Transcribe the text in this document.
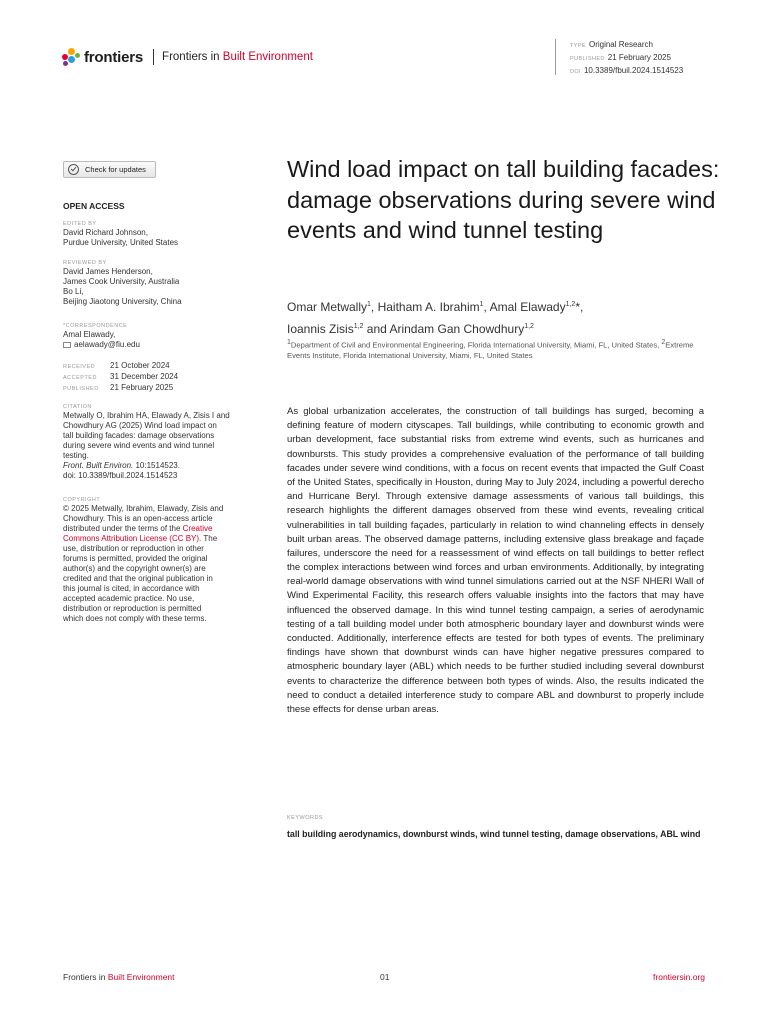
frontiers Frontiers in Built Environment
TYPE Original Research
PUBLISHED 21 February 2025
DOI 10.3389/fbuil.2024.1514523
Check for updates
OPEN ACCESS
EDITED BY
David Richard Johnson,
Purdue University, United States
REVIEWED BY
David James Henderson,
James Cook University, Australia
Bo Li,
Beijing Jiaotong University, China
*CORRESPONDENCE
Amal Elawady,
aelawady@fiu.edu
RECEIVED 21 October 2024
ACCEPTED 31 December 2024
PUBLISHED 21 February 2025
CITATION
Metwally O, Ibrahim HA, Elawady A, Zisis I and
Chowdhury AG (2025) Wind load impact on
tall building facades: damage observations
during severe wind events and wind tunnel
testing.
Front. Built Environ. 10:1514523.
doi: 10.3389/fbuil.2024.1514523
COPYRIGHT
© 2025 Metwally, Ibrahim, Elawady, Zisis and
Chowdhury. This is an open-access article
distributed under the terms of the Creative
Commons Attribution License (CC BY). The
use, distribution or reproduction in other
forums is permitted, provided the original
author(s) and the copyright owner(s) are
credited and that the original publication in
this journal is cited, in accordance with
accepted academic practice. No use,
distribution or reproduction is permitted
which does not comply with these terms.
Wind load impact on tall building facades: damage observations during severe wind events and wind tunnel testing
Omar Metwally$^1$, Haitham A. Ibrahim$^1$, Amal Elawady$^{1,2}$*,
Ioannis Zisis$^{1,2}$ and Arindam Gan Chowdhury$^{1,2}$
$^1$Department of Civil and Environmental Engineering, Florida International University, Miami, FL, United States, $^2$Extreme Events Institute, Florida International University, Miami, FL, United States
As global urbanization accelerates, the construction of tall buildings has surged, becoming a defining feature of modern cityscapes. Tall buildings, while contributing to economic growth and urban development, face substantial risks from extreme wind events, such as hurricanes and downbursts. This study provides a comprehensive evaluation of the performance of tall building facades under severe wind conditions, with a focus on recent events that impacted the Gulf Coast of the United States, specifically in Houston, during May to July 2024, including a powerful derecho and Hurricane Beryl. Through extensive damage assessments of various tall buildings, this research highlights the different damages observed from these wind events, revealing critical vulnerabilities in tall building façades, particularly in relation to wind channeling effects in densely built urban areas. The observed damage patterns, including extensive glass breakage and façade failures, underscore the need for a reassessment of wind effects on tall buildings to better reflect the complex interactions between wind forces and urban environments. Additionally, by integrating real-world damage observations with wind tunnel simulations carried out at the NSF NHERI Wall of Wind Experimental Facility, this research offers valuable insights into the factors that may have influenced the observed damage. In this wind tunnel testing campaign, a series of aerodynamic testing of a tall building model under both atmospheric boundary layer and downburst winds were conducted. Additionally, interference effects are tested for both types of events. The preliminary findings have shown that downburst winds can have higher negative pressures compared to atmospheric boundary layer (ABL) which needs to be further studied including several downburst events to characterize the difference between both types of winds. Also, the results indicated the need to conduct a detailed interference study to compare ABL and downburst to properly include these effects for dense urban areas.
KEYWORDS
tall building aerodynamics, downburst winds, wind tunnel testing, damage observations, ABL wind
Frontiers in Built Environment	01	frontiersin.org
